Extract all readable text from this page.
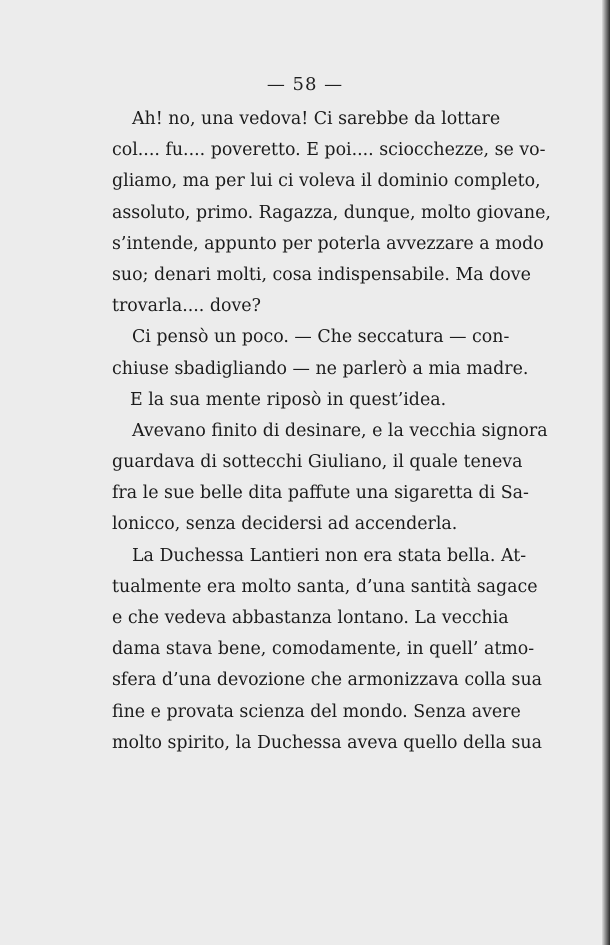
— 58 —
Ah! no, una vedova! Ci sarebbe da lottare
col.... fu.... poveretto. E poi.... sciocchezze, se vo-
gliamo, ma per lui ci voleva il dominio completo,
assoluto, primo. Ragazza, dunque, molto giovane,
s’intende, appunto per poterla avvezzare a modo
suo; denari molti, cosa indispensabile. Ma dove
trovarla.... dove?
Ci pensò un poco. — Che seccatura — con-
chiuse sbadigliando — ne parlerò a mia madre.
E la sua mente riposò in quest’idea.
Avevano finito di desinare, e la vecchia signora
guardava di sottecchi Giuliano, il quale teneva
fra le sue belle dita paffute una sigaretta di Sa-
lonicco, senza decidersi ad accenderla.
La Duchessa Lantieri non era stata bella. At-
tualmente era molto santa, d’una santità sagace
e che vedeva abbastanza lontano. La vecchia
dama stava bene, comodamente, in quell’ atmo-
sfera d’una devozione che armonizzava colla sua
fine e provata scienza del mondo. Senza avere
molto spirito, la Duchessa aveva quello della sua
